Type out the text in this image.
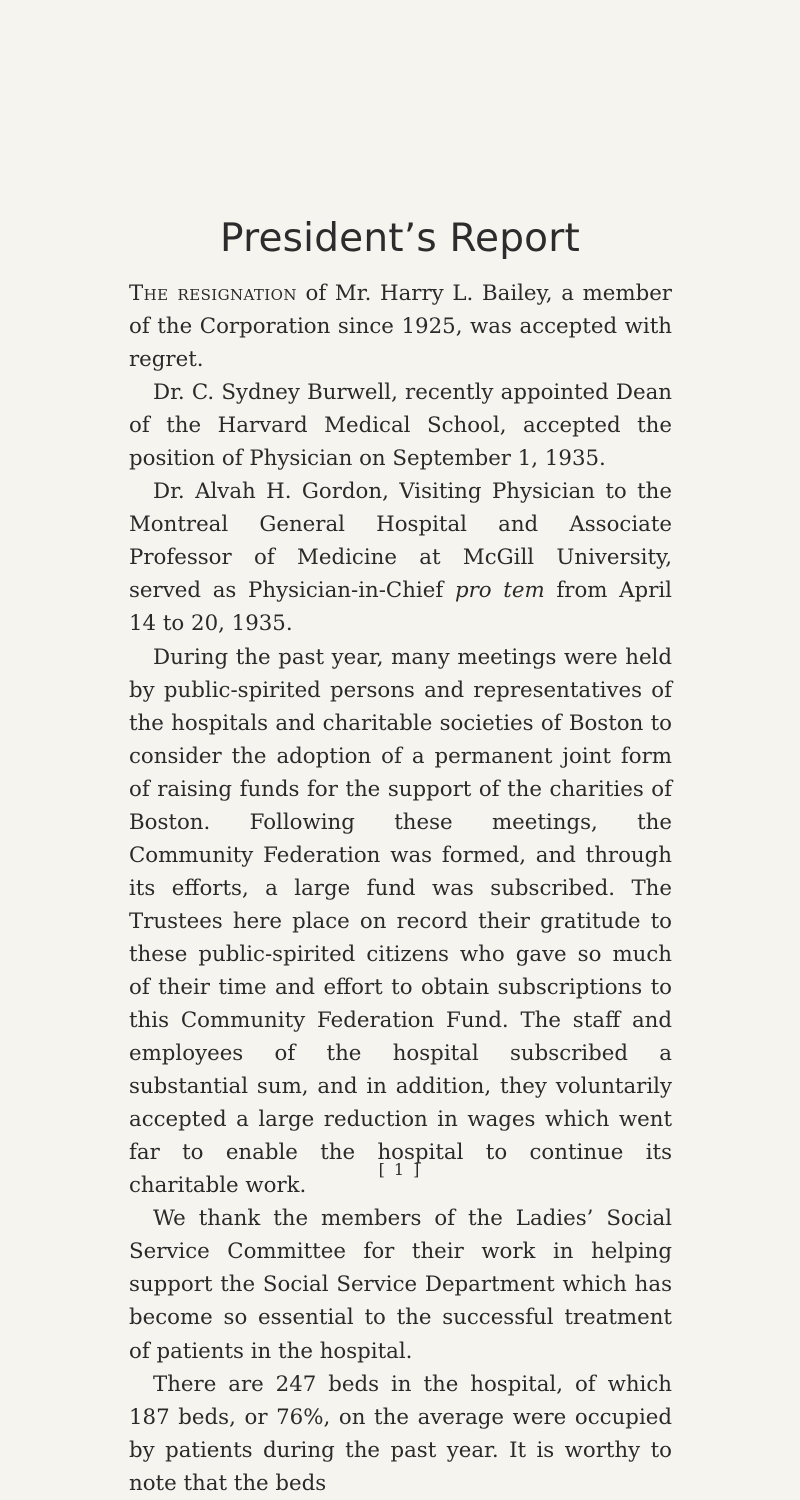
President’s Report

The resignation of Mr. Harry L. Bailey, a member of the Corporation since 1925, was accepted with regret.

Dr. C. Sydney Burwell, recently appointed Dean of the Harvard Medical School, accepted the position of Physician on September 1, 1935.

Dr. Alvah H. Gordon, Visiting Physician to the Montreal General Hospital and Associate Professor of Medicine at McGill University, served as Physician-in-Chief pro tem from April 14 to 20, 1935.

During the past year, many meetings were held by public-spirited persons and representatives of the hospitals and charitable societies of Boston to consider the adoption of a permanent joint form of raising funds for the support of the charities of Boston. Following these meetings, the Community Federation was formed, and through its efforts, a large fund was subscribed. The Trustees here place on record their gratitude to these public-spirited citizens who gave so much of their time and effort to obtain subscriptions to this Community Federation Fund. The staff and employees of the hospital subscribed a substantial sum, and in addition, they voluntarily accepted a large reduction in wages which went far to enable the hospital to continue its charitable work.

We thank the members of the Ladies’ Social Service Committee for their work in helping support the Social Service Department which has become so essential to the successful treatment of patients in the hospital.

There are 247 beds in the hospital, of which 187 beds, or 76%, on the average were occupied by patients during the past year. It is worthy to note that the beds

[ 1 ]
